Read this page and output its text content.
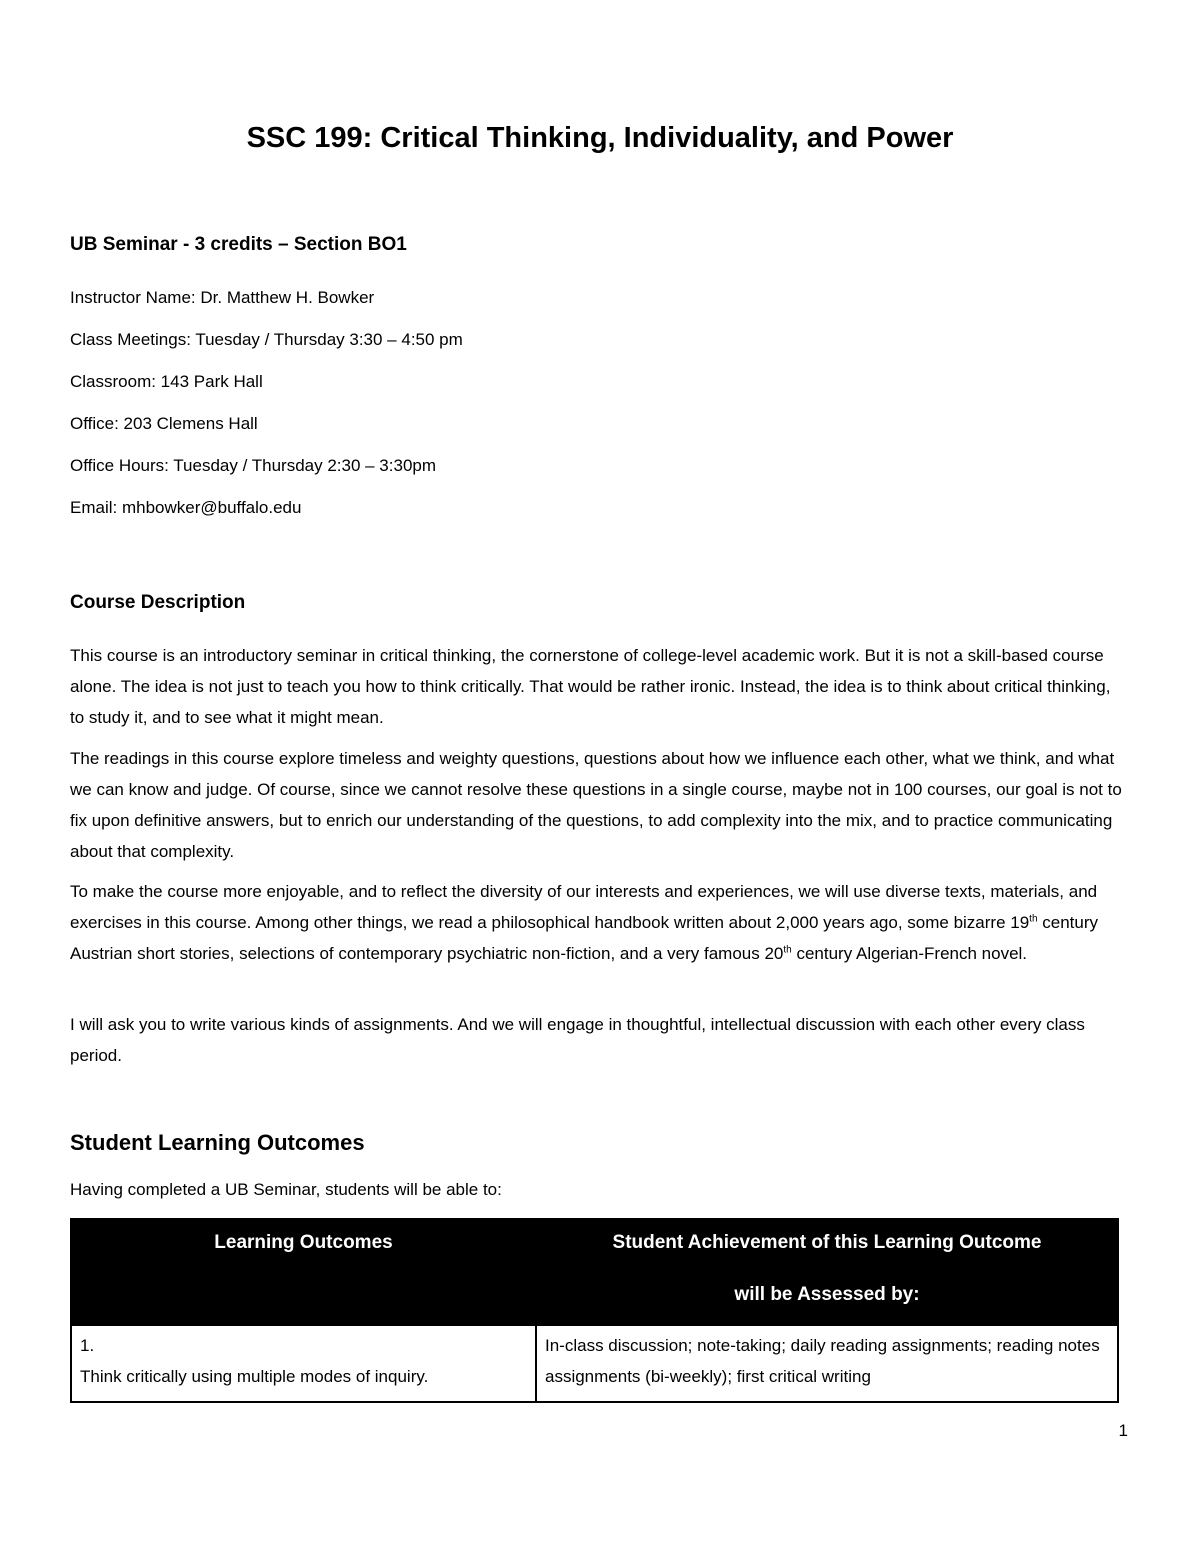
SSC 199: Critical Thinking, Individuality, and Power
UB Seminar - 3 credits – Section BO1
Instructor Name: Dr. Matthew H. Bowker
Class Meetings: Tuesday / Thursday 3:30 – 4:50 pm
Classroom: 143 Park Hall
Office: 203 Clemens Hall
Office Hours: Tuesday / Thursday 2:30 – 3:30pm
Email: mhbowker@buffalo.edu
Course Description
This course is an introductory seminar in critical thinking, the cornerstone of college-level academic work. But it is not a skill-based course alone. The idea is not just to teach you how to think critically. That would be rather ironic. Instead, the idea is to think about critical thinking, to study it, and to see what it might mean.
The readings in this course explore timeless and weighty questions, questions about how we influence each other, what we think, and what we can know and judge. Of course, since we cannot resolve these questions in a single course, maybe not in 100 courses, our goal is not to fix upon definitive answers, but to enrich our understanding of the questions, to add complexity into the mix, and to practice communicating about that complexity.
To make the course more enjoyable, and to reflect the diversity of our interests and experiences, we will use diverse texts, materials, and exercises in this course. Among other things, we read a philosophical handbook written about 2,000 years ago, some bizarre 19th century Austrian short stories, selections of contemporary psychiatric non-fiction, and a very famous 20th century Algerian-French novel.
I will ask you to write various kinds of assignments. And we will engage in thoughtful, intellectual discussion with each other every class period.
Student Learning Outcomes
Having completed a UB Seminar, students will be able to:
Learning Outcomes	Student Achievement of this Learning Outcome
will be Assessed by:

1.Think critically using multiple modes of inquiry.	In-class discussion; note-taking; daily reading assignments; reading notes assignments (bi-weekly); first critical writing
1
